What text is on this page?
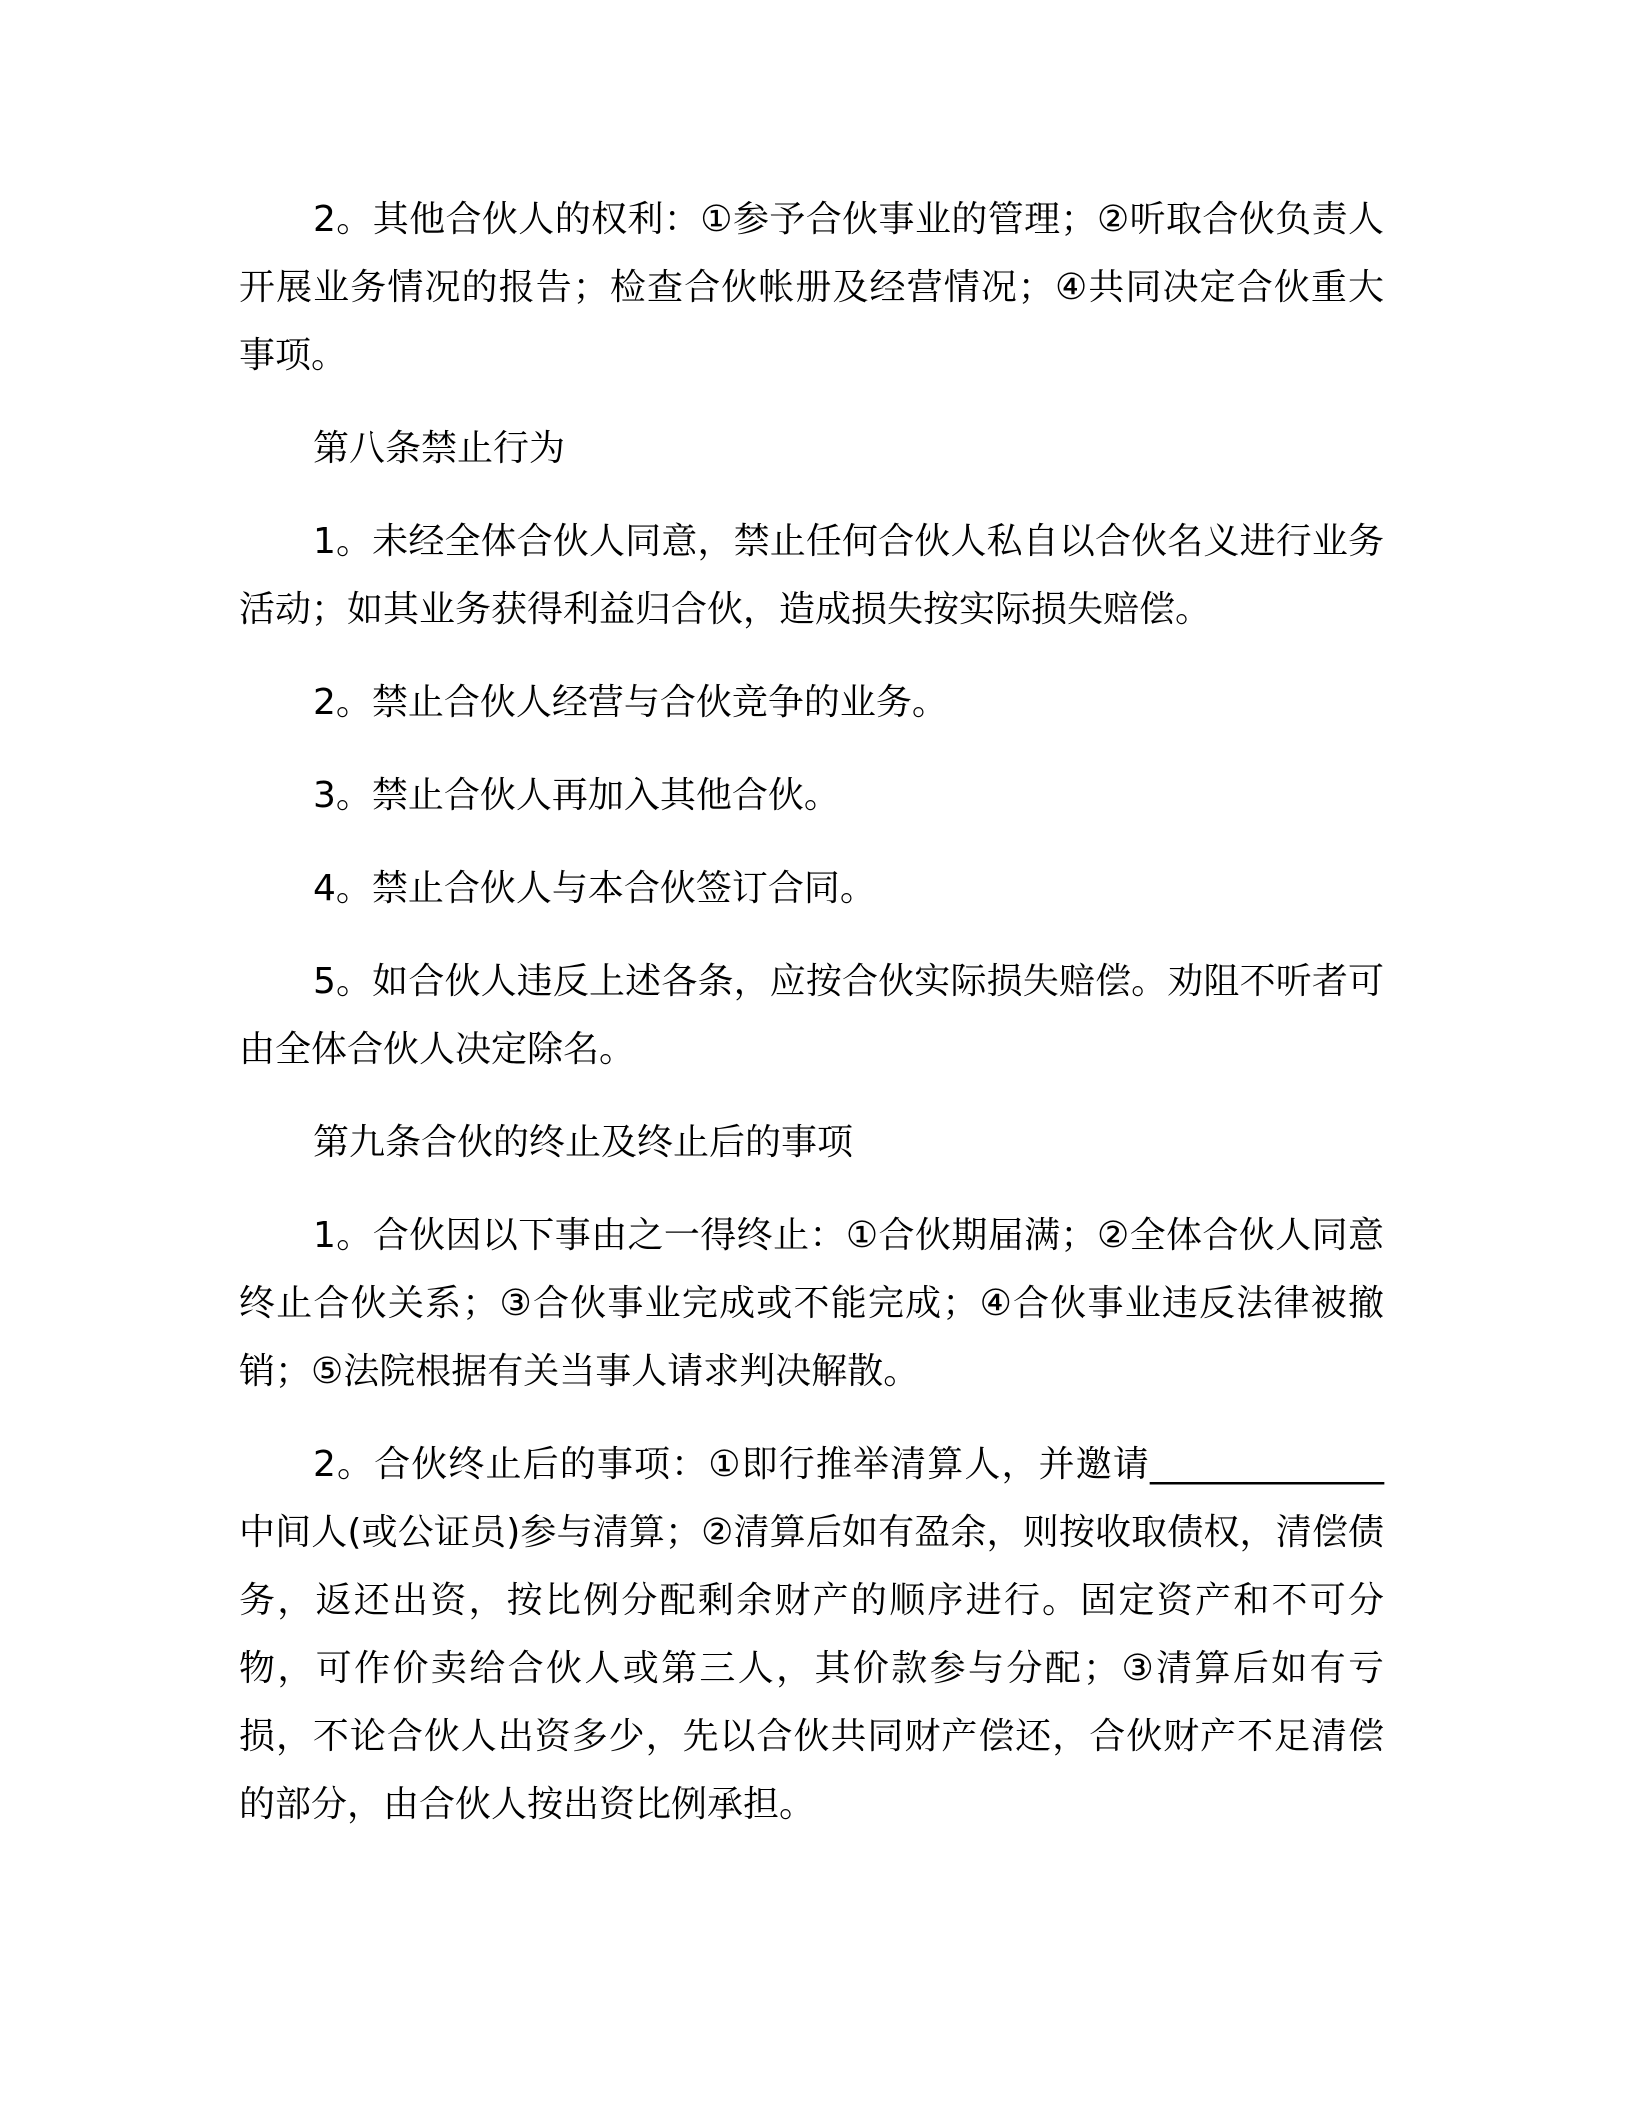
2。其他合伙人的权利：①参予合伙事业的管理；②听取合伙负责人开展业务情况的报告；检查合伙帐册及经营情况；④共同决定合伙重大事项。

第八条禁止行为

1。未经全体合伙人同意，禁止任何合伙人私自以合伙名义进行业务活动；如其业务获得利益归合伙，造成损失按实际损失赔偿。

2。禁止合伙人经营与合伙竞争的业务。

3。禁止合伙人再加入其他合伙。

4。禁止合伙人与本合伙签订合同。

5。如合伙人违反上述各条，应按合伙实际损失赔偿。劝阻不听者可由全体合伙人决定除名。

第九条合伙的终止及终止后的事项

1。合伙因以下事由之一得终止：①合伙期届满；②全体合伙人同意终止合伙关系；③合伙事业完成或不能完成；④合伙事业违反法律被撤销；⑤法院根据有关当事人请求判决解散。

2。合伙终止后的事项：①即行推举清算人，并邀请_____________中间人(或公证员)参与清算；②清算后如有盈余，则按收取债权，清偿债务，返还出资，按比例分配剩余财产的顺序进行。固定资产和不可分物，可作价卖给合伙人或第三人，其价款参与分配；③清算后如有亏损，不论合伙人出资多少，先以合伙共同财产偿还，合伙财产不足清偿的部分，由合伙人按出资比例承担。
